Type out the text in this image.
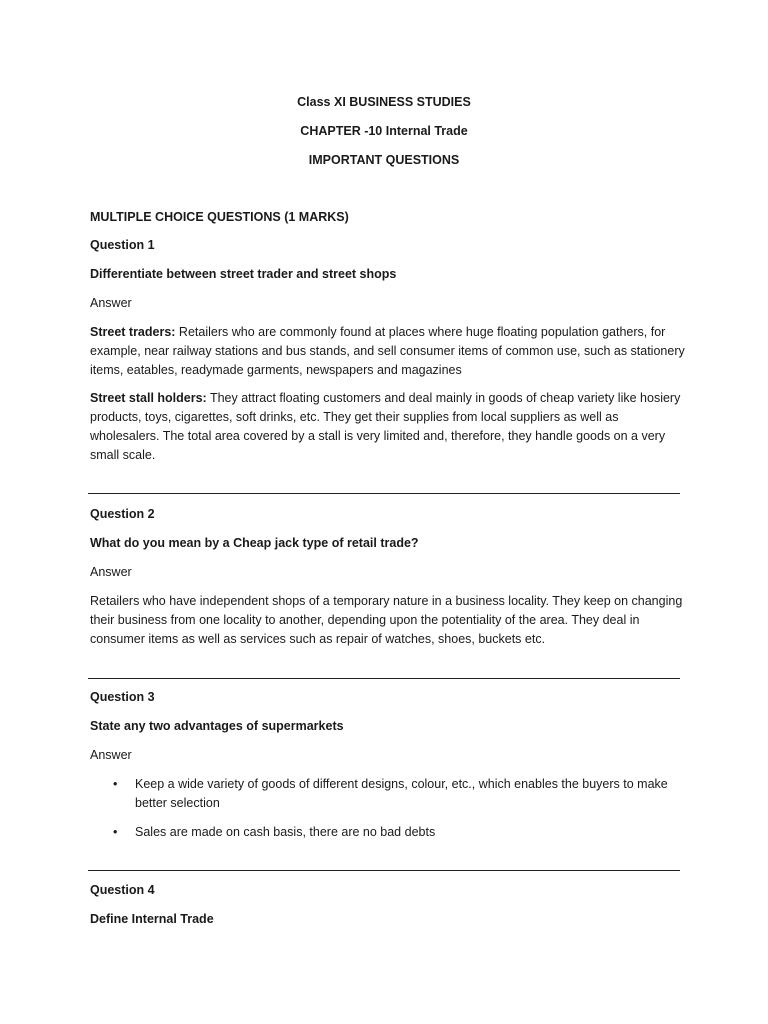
Class XI BUSINESS STUDIES

CHAPTER -10 Internal Trade

IMPORTANT QUESTIONS

MULTIPLE CHOICE QUESTIONS (1 MARKS)

Question 1

Differentiate between street trader and street shops

Answer

Street traders: Retailers who are commonly found at places where huge floating population gathers, for example, near railway stations and bus stands, and sell consumer items of common use, such as stationery items, eatables, readymade garments, newspapers and magazines

Street stall holders: They attract floating customers and deal mainly in goods of cheap variety like hosiery products, toys, cigarettes, soft drinks, etc. They get their supplies from local suppliers as well as wholesalers. The total area covered by a stall is very limited and, therefore, they handle goods on a very small scale.

Question 2

What do you mean by a Cheap jack type of retail trade?

Answer

Retailers who have independent shops of a temporary nature in a business locality. They keep on changing their business from one locality to another, depending upon the potentiality of the area. They deal in consumer items as well as services such as repair of watches, shoes, buckets etc.

Question 3

State any two advantages of supermarkets

Answer

• Keep a wide variety of goods of different designs, colour, etc., which enables the buyers to make better selection
• Sales are made on cash basis, there are no bad debts

Question 4

Define Internal Trade
